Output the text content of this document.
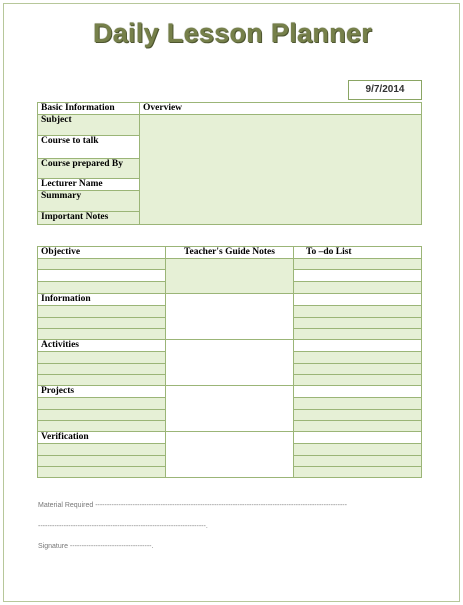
Daily Lesson Planner
9/7/2014
Basic Information	Overview
Subject	
Course to talk	
Course prepared By	
Lecturer Name	
Summary	
Important Notes	
Objective	Teacher's Guide Notes	To –do List

Information		

Activities		

Projects		

Verification		

Material Required ------------------------------------------------------------------------------------------------------------
------------------------------------------------------------------------.
Signature -----------------------------------.
